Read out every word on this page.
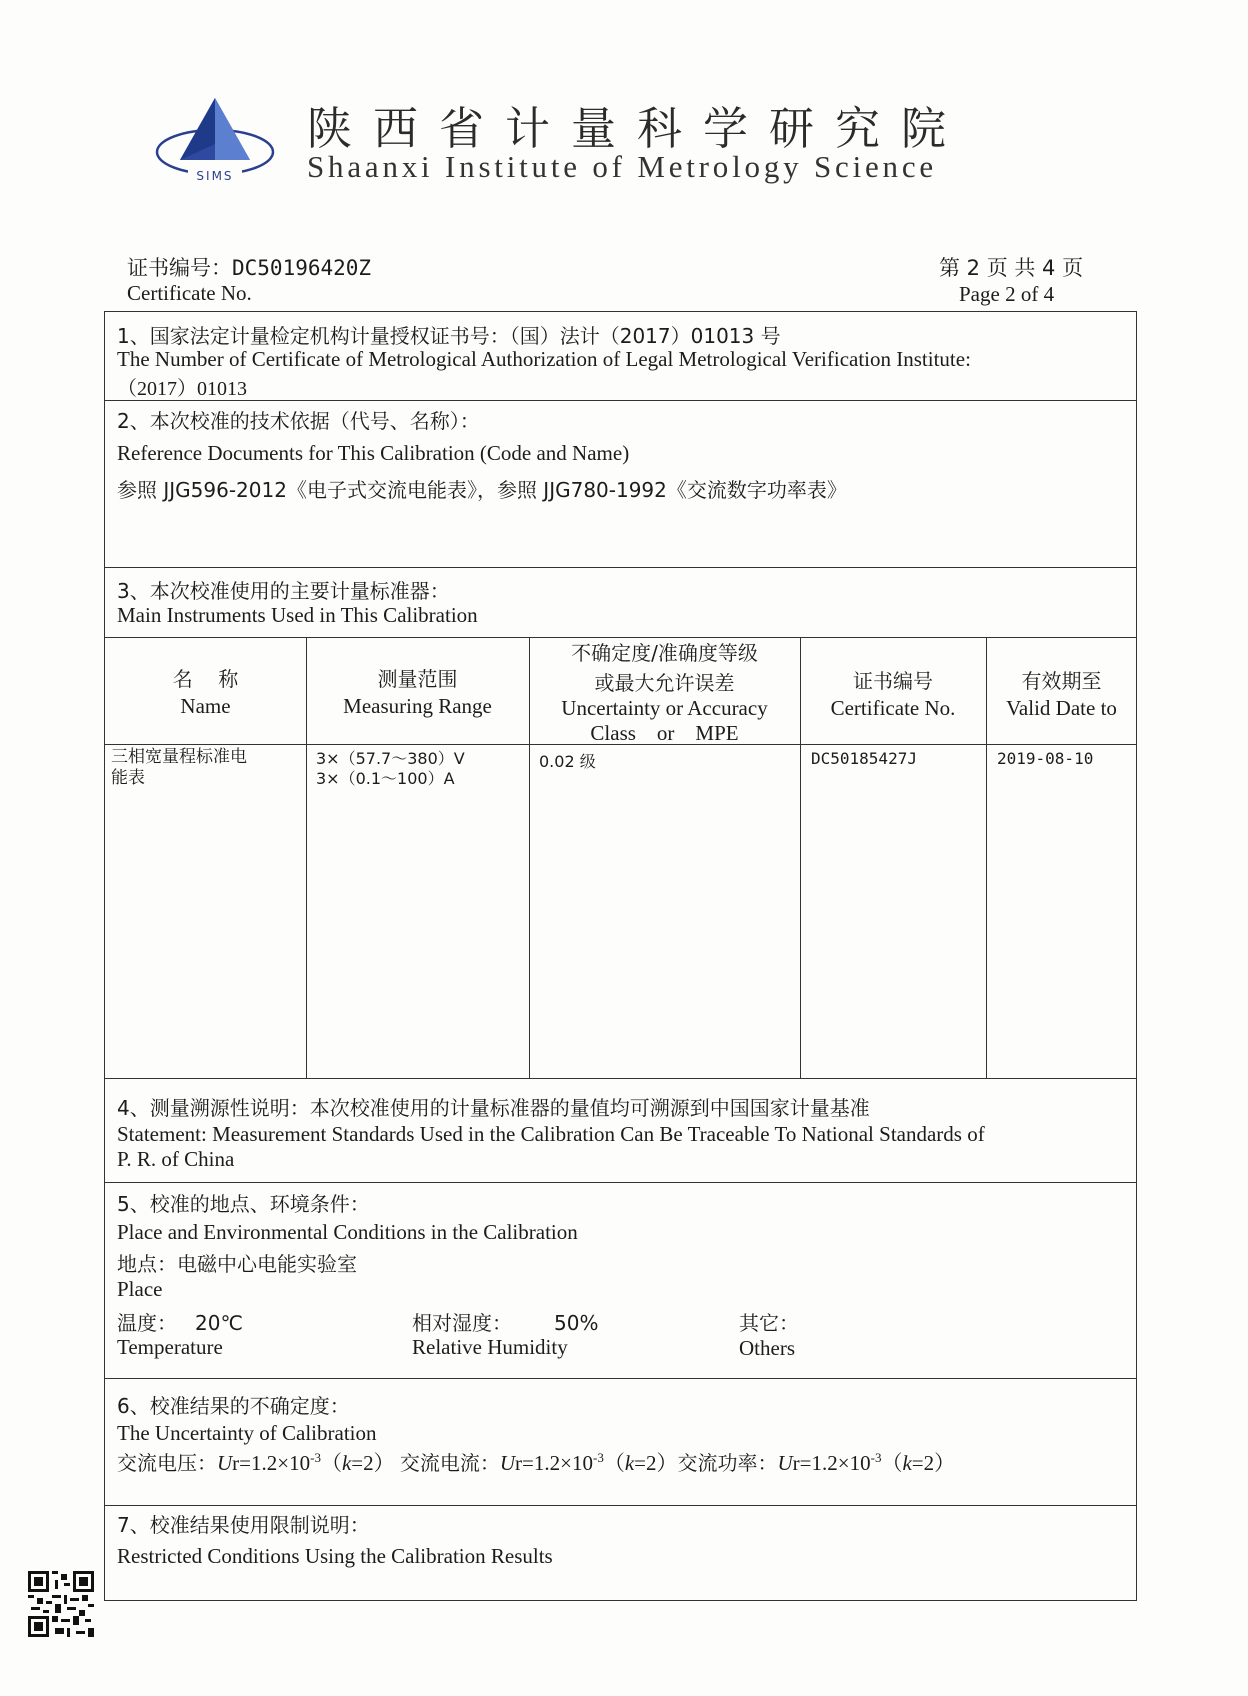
SIMS
陕西省计量科学研究院
Shaanxi Institute of Metrology Science
证书编号：DC50196420Z
Certificate No.
第 2 页 共 4 页
Page 2 of 4
1、国家法定计量检定机构计量授权证书号：（国）法计（2017）01013 号
The Number of Certificate of Metrological Authorization of Legal Metrological Verification Institute:
（2017）01013
2、本次校准的技术依据（代号、名称）：
Reference Documents for This Calibration (Code and Name)
参照 JJG596-2012《电子式交流电能表》，参照 JJG780-1992《交流数字功率表》
3、本次校准使用的主要计量标准器：
Main Instruments Used in This Calibration
名    称
Name
测量范围
Measuring Range
不确定度/准确度等级
或最大允许误差
Uncertainty or Accuracy
Class    or    MPE
证书编号
Certificate No.
有效期至
Valid Date to
三相宽量程标准电
能表
3×（57.7～380）V
3×（0.1～100）A
0.02 级	DC50185427J	2019-08-10
4、测量溯源性说明：本次校准使用的计量标准器的量值均可溯源到中国国家计量基准
Statement: Measurement Standards Used in the Calibration Can Be Traceable To National Standards of
P. R. of China
5、校准的地点、环境条件：
Place and Environmental Conditions in the Calibration
地点：电磁中心电能实验室
Place
温度： 20℃
Temperature
相对湿度： 50%
Relative Humidity
其它：
Others
6、校准结果的不确定度：
The Uncertainty of Calibration
交流电压：$Ur=1.2\times 10^{-3}(k=2)$ 交流电流：$Ur=1.2\times 10^{-3}(k=2)$交流功率：$Ur=1.2\times 10^{-3}(k=2)$
7、校准结果使用限制说明：
Restricted Conditions Using the Calibration Results
